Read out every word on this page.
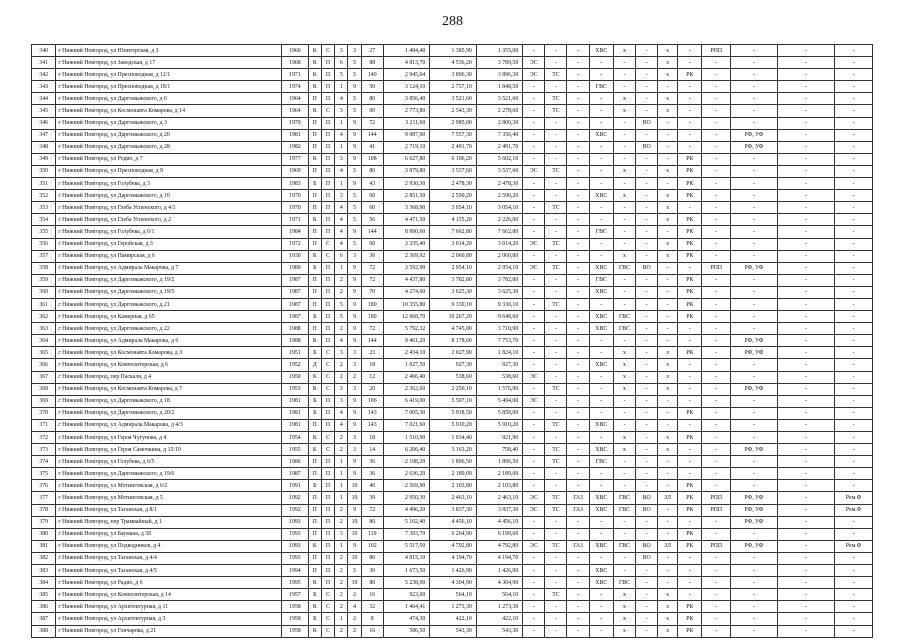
288
340	г Нижний Новгород, ул Юпитерская, д 3	1960	К	С	3	3	27	1 484,40	1 385,90	1 355,00	-	-	-	ХВС	х	-	х	-	РПП	-	-	-
341	г Нижний Новгород, ул Заводская, д 17	1968	К	П	6	5	88	4 813,70	4 536,20	3 789,50	ЭС	-	-	-	-	-	х	-	-	-	-	-
342	г Нижний Новгород, ул Пресноводная, д 12/1	1971	К	П	5	5	140	2 945,04	3 896,30	3 896,30	ЭС	ТС	-	-	-	-	х	РК	-	-	-	-
343	г Нижний Новгород, ул Пресноводная, д 18/1	1974	К	П	1	9	50	3 124,10	2 757,10	1 848,50	-	-	-	ГВС	-	-	-	-	-	-	-	-
344	г Нижний Новгород, ул Даргомыжского, д 6	1964	П	П	4	5	80	3 856,40	3 521,60	3 521,60	-	ТС	-	-	х	-	х	-	-	-	-	-
345	г Нижний Новгород, ул Космонавта Комарова, д 14	1964	К	С	3	5	60	2 773,80	2 543,30	2 278,60	-	ТС	-	-	х	-	х	-	-	-	-	-
346	г Нижний Новгород, ул Даргомыжского, д 3	1979	П	П	1	9	72	3 211,60	2 985,00	2 800,30	-	-	-	-	-	ВО	-	-	-	-	-	-
347	г Нижний Новгород, ул Даргомыжского, д 20	1981	П	П	4	9	144	9 087,90	7 557,30	7 356,40	-	-	-	ХВС	-	-	-	-	-	РФ, УФ	-	-
348	г Нижний Новгород, ул Даргомыжского, д 28	1982	П	П	1	9	41	2 719,10	2 491,70	2 491,70	-	-	-	-	-	ВО	-	-	-	РФ, УФ	-	-
349	г Нижний Новгород, ул Родио, д 7	1977	К	П	3	9	108	6 627,80	6 106,20	5 602,10	-	-	-	-	-	-	-	РК	-	-	-	-
350	г Нижний Новгород, ул Пресноводная, д 9	1969	П	П	4	5	80	3 879,80	3 537,60	3 537,60	ЭС	ТС	-	-	х	-	х	РК	-	-	-	-
351	г Нижний Новгород, ул Голубева, д 3	1983	Б	П	1	9	43	2 930,30	2 478,30	2 478,30	-	-	-	-	-	-	-	РК	-	-	-	-
352	г Нижний Новгород, ул Даргомыжского, д 10	1970	П	П	3	5	60	2 851,50	2 590,20	2 590,20	-	-	-	ХВС	х	-	х	РК	-	-	-	-
353	г Нижний Новгород, ул Глеба Успенского, д 4/1	1970	П	П	4	5	60	3 368,90	3 054,10	3 054,10	-	ТС	-	-	-	-	х	-	-	-	-	-
354	г Нижний Новгород, ул Глеба Успенского, д 2	1971	К	П	4	5	56	4 471,50	4 155,20	2 226,00	-	-	-	-	-	-	х	РК	-	-	-	-
355	г Нижний Новгород, ул Голубева, д 6/1	1984	П	П	4	9	144	8 990,60	7 662,80	7 662,80	-	-	-	ГВС	-	-	-	РК	-	-	-	-
356	г Нижний Новгород, ул Геройская, д 3	1972	П	С	4	5	60	3 335,40	3 014,20	3 014,20	ЭС	ТС	-	-	-	-	х	РК	-	-	-	-
357	г Нижний Новгород, ул Памирская, д 6	1930	К	С	6	3	36	2 369,92	2 060,80	2 060,80	-	-	-	-	х	-	х	РК	-	-	-	-
358	г Нижний Новгород, ул Адмирала Макарова, д 7	1980	Б	П	1	9	72	3 592,90	2 954,10	2 954,10	ЭС	ТС	-	ХВС	ГВС	ВО	-	-	РПП	РФ, УФ	-	-
359	г Нижний Новгород, ул Даргомыжского, д 19/2	1987	П	П	2	9	72	4 437,80	3 782,80	3 782,80	-	-	-	ГВС	-	-	-	РК	-	-	-	-
360	г Нижний Новгород, ул Даргомыжского, д 19/5	1987	П	П	2	9	70	4 274,60	3 625,30	3 625,30	-	-	-	ХВС	-	-	-	РК	-	-	-	-
361	г Нижний Новгород, ул Даргомыжского, д 21	1987	П	П	5	9	180	10 355,80	9 330,10	9 330,10	-	ТС	-	-	-	-	-	РК	-	-	-	-
362	г Нижний Новгород, ул Камерная, д 65	1987	Б	П	5	9	180	12 068,70	10 267,20	9 648,60	-	-	-	ХВС	ГВС	-	-	РК	-	-	-	-
363	г Нижний Новгород, ул Даргомыжского, д 22	1988	П	П	2	9	72	5 792,32	4 745,00	3 710,90	-	-	-	ХВС	ГВС	-	-	-	-	-	-	-
364	г Нижний Новгород, ул Адмирала Макарова, д 6	1988	К	П	4	9	144	9 461,20	8 178,60	7 753,70	-	-	-	-	-	-	-	-	-	РФ, УФ	-	-
365	г Нижний Новгород, ул Космонавта Комарова, д 3	1951	Б	С	3	3	23	2 434,10	2 027,90	1 824,10	-	-	-	-	х	-	х	РК	-	РФ, УФ	-	-
366	г Нижний Новгород, ул Композиторская, д 6	1952	Д	С	2	3	18	1 027,50	927,30	927,30	-	-	-	ХВС	х	-	х	-	-	-	-	-
367	г Нижний Новгород, пер Паскаля, д 4	1950	К	С	2	2	12	2 466,40	538,60	538,60	ЭС	-	-	-	х	-	х	-	-	-	-	-
368	г Нижний Новгород, ул Космонавта Комарова, д 7	1953	К	С	3	3	20	2 362,60	2 250,10	1 576,90	-	ТС	-	-	х	-	х	-	-	РФ, УФ	-	-
369	г Нижний Новгород, ул Даргомыжского, д 18	1981	Б	П	3	9	106	6 419,00	5 507,10	5 494,00	ЭС	-	-	-	-	-	-	-	-	-	-	-
370	г Нижний Новгород, ул Даргомыжского, д 20/2	1981	Б	П	4	9	143	7 005,30	5 918,50	5 858,00	-	-	-	-	-	-	-	РК	-	-	-	-
371	г Нижний Новгород, ул Адмирала Макарова, д 4/3	1981	П	П	4	9	143	7 021,60	5 910,20	5 910,20	-	ТС	-	ХВС	-	-	-	-	-	-	-	-
372	г Нижний Новгород, ул Героя Чугунова, д 4	1954	К	С	2	3	18	1 510,90	1 034,40	921,90	-	-	-	-	х	-	х	РК	-	-	-	-
373	г Нижний Новгород, ул Героя Самочкина, д 15/10	1955	К	С	2	3	14	6 206,40	3 163,20	758,40	-	ТС	-	ХВС	х	-	х	-	-	РФ, УФ	-	-
374	г Нижний Новгород, ул Голубева, д 6/5	1986	П	П	1	9	36	2 198,20	1 896,50	1 896,50	-	ТС	-	ГВС	-	-	-	-	-	-	-	-
375	г Нижний Новгород, ул Даргомыжского, д 19/6	1987	П	П	1	9	36	2 636,29	2 189,09	2 189,09	-	-	-	-	-	-	-	-	-	-	-	-
376	г Нижний Новгород, ул Мотинговская, д 6/2	1991	Б	П	1	10	40	2 569,90	2 103,80	2 103,80	-	-	-	-	-	-	-	РК	-	-	-	-
377	г Нижний Новгород, ул Мотинговская, д 5	1992	П	П	1	10	39	2 950,30	2 463,10	2 463,10	ЭС	ТС	ГАЗ	ХВС	ГВС	ВО	ЗЛ	РК	РПП	РФ, УФ	-	Рем.Ф
378	г Нижний Новгород, ул Таганская, д 8/1	1992	П	П	2	9	72	4 496,20	3 837,30	3 837,30	ЭС	ТС	ГАЗ	ХВС	ГВС	ВО	-	РК	РПП	РФ, УФ	-	Рем.Ф
379	г Нижний Новгород, пер Трамвайный, д 1	1993	П	П	2	10	80	5 102,40	4 456,10	4 456,10	-	-	-	-	-	-	-	-	-	РФ, УФ	-	-
380	г Нижний Новгород, ул Баумана, д 58	1993	П	П	3	10	119	7 393,70	6 264,90	6 199,60	-	-	-	-	-	-	-	РК	-	-	-	-
381	г Нижний Новгород, ул Подводников, д 4	1993	К	П	1	9	102	5 517,50	4 792,80	4 792,80	ЭС	ТС	ГАЗ	ХВС	ГВС	ВО	ЗЛ	РК	РПП	РФ, УФ	-	Рем.Ф
382	г Нижний Новгород, ул Таганская, д 4/4	1993	П	П	2	10	80	4 815,10	4 194,70	4 194,70	-	-	-	-	-	ВО	-	-	-	-	-	-
383	г Нижний Новгород, ул Таганская, д 4/5	1994	П	П	2	5	30	1 673,50	1 426,90	1 426,90	-	-	-	ХВС	-	-	-	-	-	-	-	-
384	г Нижний Новгород, ул Радио, д 6	1995	К	П	2	10	80	5 238,00	4 304,90	4 304,90	-	-	-	ХВС	ГВС	-	-	-	-	-	-	-
385	г Нижний Новгород, ул Композиторская, д 14	1957	Б	С	2	2	16	923,00	564,10	564,10	-	ТС	-	-	х	-	х	-	-	-	-	-
386	г Нижний Новгород, ул Архитектурная, д 11	1958	К	С	2	4	32	1 464,41	1 273,30	1 273,30	-	-	-	-	х	-	х	РК	-	-	-	-
387	г Нижний Новгород, ул Архитектурная, д 3	1958	Б	С	1	2	8	474,30	422,10	422,10	-	-	-	-	х	-	х	РК	-	-	-	-
388	г Нижний Новгород, ул Гончарова, д 21	1958	К	С	2	2	16	586,50	543,30	543,30	-	-	-	-	х	-	х	РК	-	-	-	-
